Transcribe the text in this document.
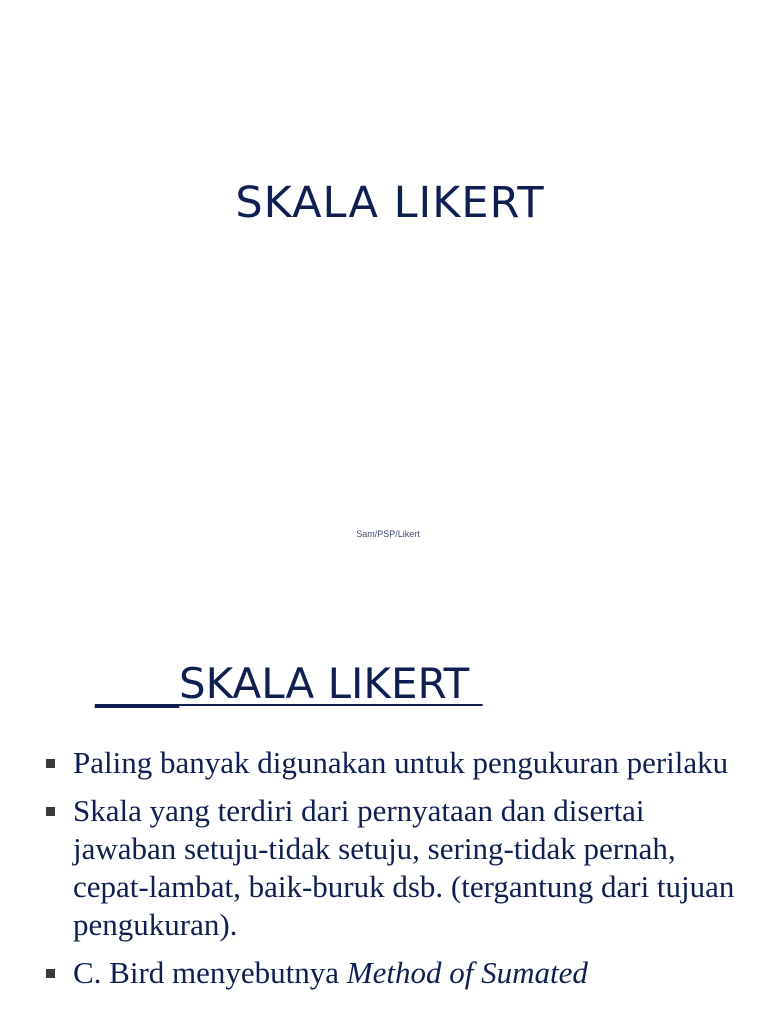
SKALA LIKERT
Sam/PSP/Likert
____SKALA LIKERT
Paling banyak digunakan untuk pengukuran perilaku
Skala yang terdiri dari pernyataan dan disertai jawaban setuju-tidak setuju, sering-tidak pernah,
cepat-lambat, baik-buruk dsb. (tergantung dari tujuan pengukuran).
C. Bird menyebutnya Method of Sumated
